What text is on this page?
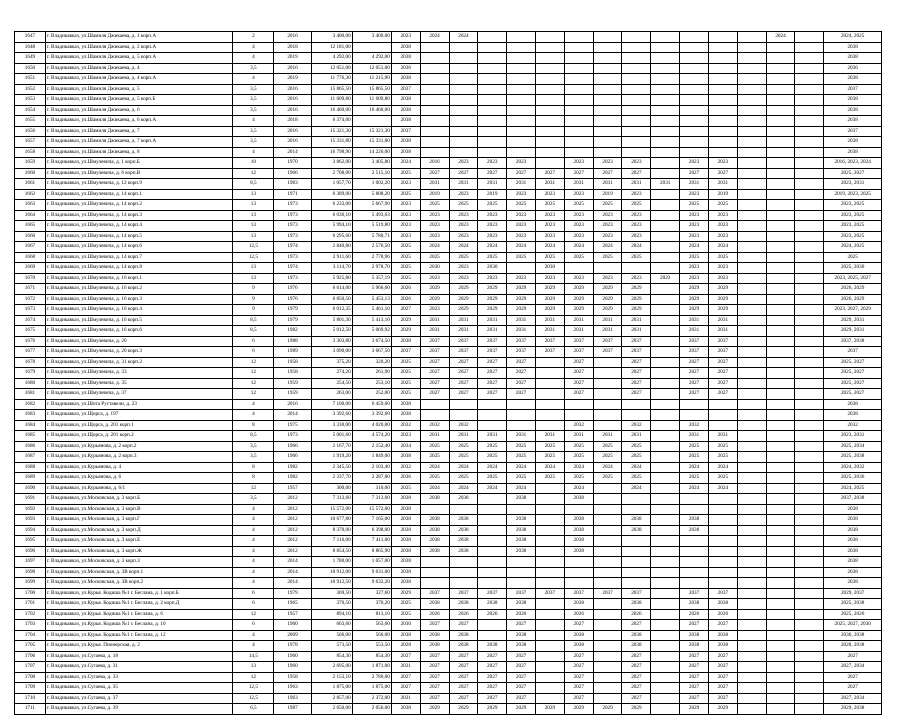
1647	г. Владикавказ, ул.Шамиля Джикаева, д. 1 корп.А	2	2016	3 400,00	3 400,00	2023	2024	2024											2024		2024, 2025
1648	г. Владикавказ, ул.Шамиля Джикаева, д. 2 корп.А	4	2018	12 181,00		2038															2038
1649	г. Владикавказ, ул.Шамиля Джикаева, д. 5 корп.А	4	2019	4 292,00	4 292,00	2038															2038
1650	г. Владикавказ, ул.Шамиля Джикаева, д. 4	3,5	2016	12 051,00	12 051,00	2036															2036
1651	г. Владикавказ, ул.Шамиля Джикаева, д. 4 корп.А	4	2019	11 776,30	11 215,90	2038															2038
1652	г. Владикавказ, ул.Шамиля Джикаева, д. 5	3,5	2016	15 865,50	15 865,50	2037															2037
1653	г. Владикавказ, ул.Шамиля Джикаева, д. 5 корп.Б	3,5	2016	11 609,80	11 609,80	2038															2038
1654	г. Владикавказ, ул.Шамиля Джикаева, д. 6	3,5	2016	16 460,00	16 460,00	2038															2038
1655	г. Владикавказ, ул.Шамиля Джикаева, д. 6 корп.А	4	2018	6 374,00		2038															2038
1656	г. Владикавказ, ул.Шамиля Джикаева, д. 7	3,5	2016	15 321,30	15 321,30	2037															2037
1657	г. Владикавказ, ул.Шамиля Джикаева, д. 7 корп.А	3,5	2016	15 331,80	15 331,80	2038															2038
1658	г. Владикавказ, ул.Шамиля Джикаева, д. 8	4	2014	16 798,90	14 226,00	2038															2038
1659	г. Владикавказ, ул.Шмулевича, д. 1 корп.Б	10	1970	3 862,00	3 405,80	2024	2016	2023	2023	2023		2023	2023	2023		2023	2023				2016, 2023, 2024
1660	г. Владикавказ, ул.Шмулевича, д. 6 корп.В	12	1966	2 708,00	2 515,10	2025	2027	2027	2027	2027	2027	2027	2027	2027		2027	2027				2025, 2027
1661	г. Владикавказ, ул.Шмулевича, д. 12 корп.9	8,5	1983	1 057,70	1 002,20	2023	2031	2031	2031	2031	2031	2031	2031	2031	2031	2031	2031				2023, 2031
1662	г. Владикавказ, ул.Шмулевича, д. 14 корп.1	13	1971	6 389,00	5 808,20	2025	2019	2023	2019	2023	2023	2023	2019	2023		2023	2019				2019, 2023, 2025
1663	г. Владикавказ, ул.Шмулевича, д. 14 корп.2	13	1973	6 233,00	5 667,90	2023	2025	2025	2025	2025	2025	2025	2025	2025		2025	2025				2023, 2025
1664	г. Владикавказ, ул.Шмулевича, д. 14 корп.3	13	1973	6 036,10	5 493,63	2023	2023	2023	2023	2023	2023	2023	2023	2023		2023	2023				2023, 2025
1665	г. Владикавказ, ул.Шмулевича, д. 14 корп.4	13	1973	5 994,10	5 519,80	2023	2023	2023	2023	2023	2023	2023	2023	2023		2023	2023				2023, 2025
1666	г. Владикавказ, ул.Шмулевича, д. 14 корп.5	13	1973	6 295,60	5 780,71	2023	2023	2023	2023	2023	2023	2023	2023	2023		2023	2023				2023, 2025
1667	г. Владикавказ, ул.Шмулевича, д. 14 корп.6	12,5	1974	2 840,80	2 576,50	2025	2024	2024	2024	2024	2024	2024	2024	2024		2024	2024				2024, 2025
1668	г. Владикавказ, ул.Шмулевича, д. 14 корп.7	12,5	1973	2 911,60	2 778,96	2025	2025	2025	2025	2025	2025	2025	2025	2025		2025	2025				2025
1669	г. Владикавказ, ул.Шмулевича, д. 14 корп.8	13	1974	3 114,70	2 978,70	2025	2030	2023	2030		2030					2023	2023				2025, 2030
1670	г. Владикавказ, ул.Шмулевича, д. 16 корп.1	13	1973	5 925,80	5 357,19	2025	2023	2023	2023	2023	2023	2023	2023	2023	2023	2023	2023				2023, 2025, 2027
1671	г. Владикавказ, ул.Шмулевича, д. 16 корп.2	9	1976	6 614,00	5 966,60	2026	2029	2029	2029	2029	2029	2029	2029	2029		2029	2029				2026, 2029
1672	г. Владикавказ, ул.Шмулевича, д. 16 корп.3	9	1976	6 850,50	5 453,13	2026	2029	2029	2029	2029	2029	2029	2029	2029		2029	2029				2026, 2029
1673	г. Владикавказ, ул.Шмулевича, д. 16 корп.4	9	1979	6 012,35	5 461,10	2027	2023	2029	2029	2029	2029	2029	2029	2029		2029	2029				2023, 2027, 2029
1674	г. Владикавказ, ул.Шмулевича, д. 16 корп.5	8,5	1979	5 801,30	5 413,10	2029	2031	2031	2031	2031	2031	2031	2031	2031		2031	2031				2029, 2031
1675	г. Владикавказ, ул.Шмулевича, д. 16 корп.6	8,5	1982	5 012,50	5 069,92	2029	2031	2031	2031	2031	2031	2031	2031	2031		2031	2031				2029, 2031
1676	г. Владикавказ, ул.Шмулевича, д. 20	6	1988	3 303,80	3 674,50	2038	2037	2037	2037	2037	2037	2037	2037	2037		2037	2037				2037, 2038
1677	г. Владикавказ, ул.Шмулевича, д. 20 корп.3	6	1989	3 090,00	3 667,50	2037	2037	2037	2037	2037	2037	2037	2037	2037		2037	2037				2037
1678	г. Владикавказ, ул.Шмулевича, д. 31 корп.2	12	1958	375,20	320,20	2025	2027	2027	2027	2027		2027		2027		2027	2027				2025, 2027
1679	г. Владикавказ, ул.Шмулевича, д. 33	12	1958	274,20	261,90	2025	2027	2027	2027	2027		2027		2027		2027	2027				2025, 2027
1680	г. Владикавказ, ул.Шмулевича, д. 35	12	1959	254,50	253,10	2025	2027	2027	2027	2027		2027		2027		2027	2027				2025, 2027
1681	г. Владикавказ, ул.Шмулевича, д. 37	12	1959	263,00	252,00	2025	2027	2027	2027	2027		2027		2027		2027	2027				2025, 2027
1682	г. Владикавказ, ул.Шота Руставели, д. 23	4	2016	7 100,00	6 459,60	2038															2038
1683	г. Владикавказ, ул.Щорса, д. 197	4	2014	3 392,60	3 392,60	2038															2038
1684	г. Владикавказ, ул.Щорса, д. 201 корп.1	8	1975	3 330,00	4 020,00	2032	2032	2032				2032		2032		2032					2032
1685	г. Владикавказ, ул.Щорса, д. 201 корп.2	8,5	1973	5 001,60	4 574,20	2023	2031	2031	2031	2031	2031	2031	2031	2031		2031	2031				2023, 2031
1686	г. Владикавказ, ул.Курьянова, д. 2 корп.2	3,5	1966	2 167,70	2 152,40	2034	2025	2025	2025	2025	2025	2025	2025	2025		2025	2025				2025, 2034
1687	г. Владикавказ, ул.Курьянова, д. 2 корп.3	3,5	1966	1 919,20	1 849,00	2038	2025	2025	2025	2025	2025	2025	2025	2025		2025	2025				2025, 2038
1688	г. Владикавказ, ул.Курьянова, д. 4	8	1982	2 345,50	2 103,40	2032	2024	2024	2024	2024	2024	2024	2024	2024		2024	2024				2024, 2032
1689	г. Владикавказ, ул.Курьянова, д. 6	8	1982	2 337,70	2 287,80	2036	2025	2025	2025	2025	2025	2025	2025	2025		2025	2025				2025, 2036
1690	г. Владикавказ, ул.Курьянова, д. 6/1	12	1957	300,00	310,00	2025	2024	2024	2024	2024		2024		2024		2024	2024				2024, 2025
1691	г. Владикавказ, ул.Московская, д. 3 корп.Б	3,5	2012	7 313,60	7 313,60	2038	2038	2038		2038		2038									2037, 2038
1692	г. Владикавказ, ул.Московская, д. 3 корп.В	4	2012	15 572,00	15 572,00	2038															2038
1693	г. Владикавказ, ул.Московская, д. 3 корп.Г	4	2012	10 677,80	7 165,00	2038	2038	2038		2038		2038		2038		2038					2038
1694	г. Владикавказ, ул.Московская, д. 3 корп.Д	4	2012	8 370,00	6 398,00	2038	2038	2038		2038		2038		2038		2038					2038
1695	г. Владикавказ, ул.Московская, д. 3 корп.Е	4	2012	7 116,00	7 411,00	2038	2038	2038		2038		2038									2038
1696	г. Владикавказ, ул.Московская, д. 3 корп.Ж	4	2012	8 854,50	8 865,90	2038	2038	2038		2038		2038									2038
1697	г. Владикавказ, ул.Московская, д. 3 корп.З	4	2014	1 780,00	1 057,00	2038															2038
1698	г. Владикавказ, ул.Московская, д. 3В корп.1	4	2014	10 912,00	9 631,00	2038															2038
1699	г. Владикавказ, ул.Московская, д. 3В корп.2	4	2014	10 912,50	9 632,20	2038															2038
1700	г. Владикавказ, ул.Курья. Кодиша №1 г. Беслана, д. 1 корп.Б	6	1979	369,50	327,60	2029	2037	2037	2037	2037	2037	2037	2037	2037		2037	2037				2029, 2037
1701	г. Владикавказ, ул.Курья. Кодиша №1 г. Беслана, д. 2 корп.Д	6	1965	370,50	370,20	2025	2038	2038	2038	2038		2038		2038		2038	2038				2025, 2038
1702	г. Владикавказ, ул.Курья. Кодиша №1 г. Беслана, д. 6	12	1957	894,10	813,10	2025	2026	2026	2026	2026		2026		2026		2026	2026				2025, 2026
1703	г. Владикавказ, ул.Курья. Кодиша №1 г. Беслана, д. 10	6	1960	663,60	563,60	2030	2027	2027		2027		2027		2027		2027	2027				2025, 2027, 2030
1704	г. Владикавказ, ул.Курья. Кодиша №1 г. Беслана, д. 12	4	2009	566,00	566,00	2038	2038	2038		2038		2038		2038		2038	2038				2036, 2038
1705	г. Владикавказ, ул.Курья. Пионерская, д. 2	4	1978	573,50	553,50	2028	2038	2038	2038	2038		2038		2038		2038	2038				2028, 2038
1706	г. Владикавказ, ул.Сугаева, д. 18	14,5	1960	854,30	854,30	2027	2027	2027	2027	2027		2027		2027		2027	2027				2027
1707	г. Владикавказ, ул.Сугаева, д. 31	13	1960	2 695,00	1 871,00	2031	2027	2027	2027	2027		2027		2027		2027	2027				2027, 2034
1708	г. Владикавказ, ул.Сугаева, д. 33	12	1958	2 153,10	2 780,00	2027	2027	2027	2027	2027		2027		2027		2027	2027				2027
1709	г. Владикавказ, ул.Сугаева, д. 35	12,5	1963	1 875,00	1 875,00	2027	2027	2027	2027	2027		2027		2027		2027	2027				2027
1710	г. Владикавказ, ул.Сугаева, д. 37	12,5	1963	2 857,00	2 372,00	2031	2027	2027	2027	2027		2027		2027		2027	2027				2027, 2034
1711	г. Владикавказ, ул.Сугаева, д. 39	6,5	1987	2 650,00	2 056,00	2038	2029	2029	2029	2029	2029	2029	2029	2029		2029	2029				2029, 2038
